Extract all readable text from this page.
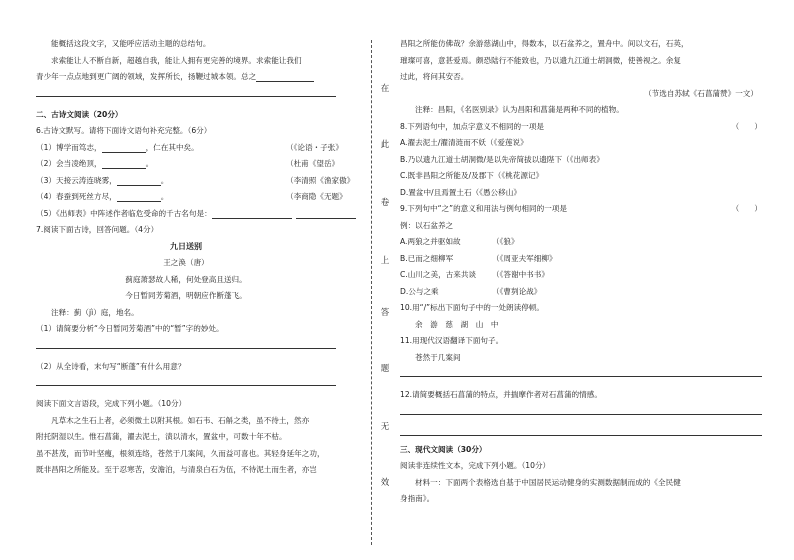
能概括这段文字，又能呼应活动主题的总结句。
求索能让人不断自新，超越自我，能让人拥有更完善的境界。求索能让我们
青少年一点点地到更广阔的领域，发挥所长，扬鞭过城本领。总之
二、古诗文阅读（20分）
6.古诗文默写。请将下面诗文语句补充完整。（6分）
（1）博学而笃志，	，仁在其中矣。	（《论语・子张》
（2）会当凌绝顶，	。	（杜甫《望岳》
（3）天接云涛连晓雾，	。	（李清照《渔家傲》
（4）春蚕到死丝方尽，	。	（李商隐《无题》
（5）《出师表》中阵述作者临危受命的千古名句是：
7.阅读下面古诗，回答问题。（4分）
九日送别
王之涣（唐）
蓟庭萧瑟故人稀，何处登高且送归。
今日暂同芳菊酒，明朝应作断蓬飞。
注释：蓟（jì）庭，地名。
（1）请简要分析“今日暂同芳菊酒”中的“暂”字的妙处。
（2）从全诗看，末句写“断蓬”有什么用意？
阅读下面文言语段，完成下列小题。（10分）
凡草木之生石上者，必须微土以附其根。如石韦、石斛之类，虽不待土，然亦
附托阴湿以生。惟石菖蒲，濯去泥土，渍以清水，置盆中，可数十年不枯。
虽不甚茂，而节叶坚瘦，根须连络，苍然于几案间，久而益可喜也。其轻身延年之功，
既非昌阳之所能及。至于忍寒苦，安澹泊，与清泉白石为伍，不待泥土而生者，亦岂
在
此
卷
上
答
题
无
效
昌阳之所能仿佛哉？余游慈湖山中，得数本，以石盆养之，置舟中。间以文石，石英，
璀璨可喜，意甚爱焉。颇恐陆行不能致也，乃以遗九江道士胡洞微，使善视之。余复
过此，将问其安否。
（节选自苏轼《石菖蒲赞》一文）
注释：昌阳，《名医别录》认为昌阳和菖蒲是两种不同的植物。
8.下列语句中，加点字意义不相同的一项是	（　　）
A.濯去泥土/濯清涟而不妖（《爱莲说》
B.乃以遗九江道士胡洞微/是以先帝简拔以遗陛下（《出师表》
C.既非昌阳之所能及/及郡下（《桃花源记》
D.置盆中/且焉置土石（《愚公移山》
9.下列句中“之”的意义和用法与例句相同的一项是	（　　）
例：以石盆养之
A.两狼之并驱如故	（《狼》
B.已而之细柳军	（《周亚夫军细柳》
C.山川之美，古来共谈	（《答谢中书书》
D.公与之乘	（《曹刿论战》
10.用“/”标出下面句子中的一处朗读停顿。
余　游　慈　湖　山　中
11.用现代汉语翻译下面句子。
苍然于几案间
12.请简要概括石菖蒲的特点，并揣摩作者对石菖蒲的情感。
三、现代文阅读（30分）
阅读非连续性文本，完成下列小题。（10分）
材料一：下面两个表格选自基于中国居民运动健身的实测数据制而成的《全民健
身指南》。
